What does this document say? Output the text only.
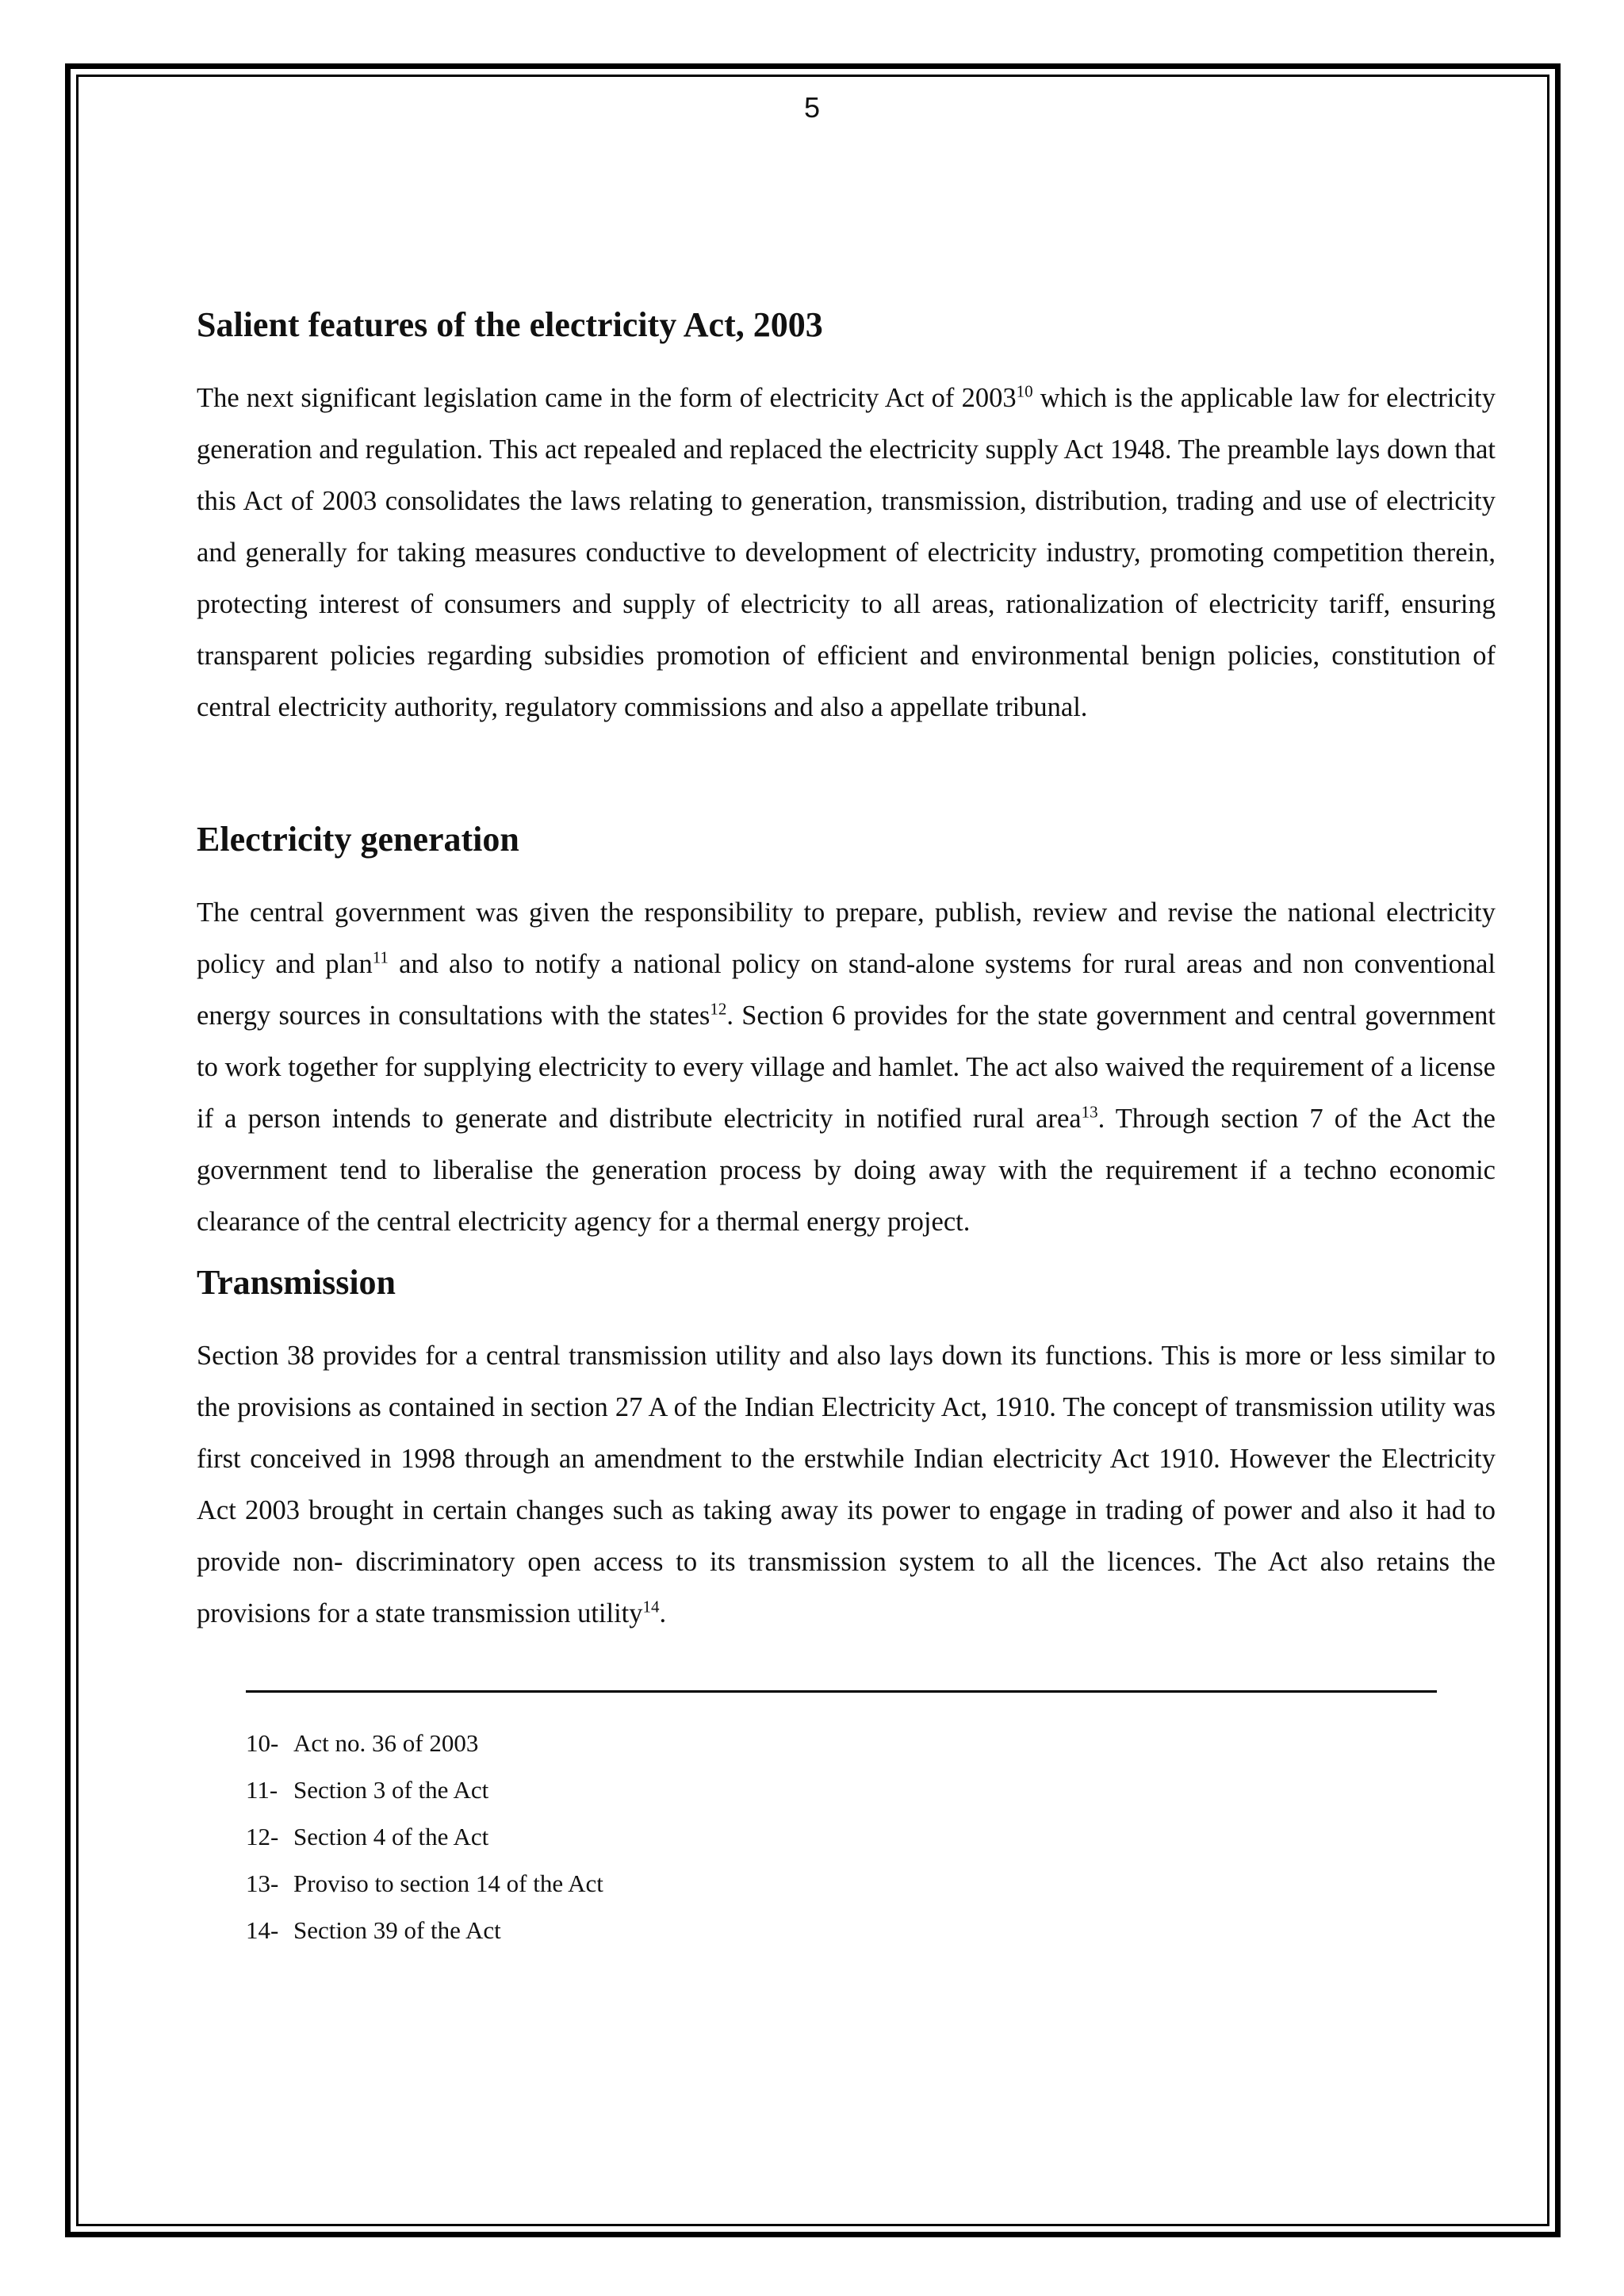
5
Salient features of the electricity Act, 2003

The next significant legislation came in the form of electricity Act of 2003$^{10}$ which is the applicable law for electricity generation and regulation. This act repealed and replaced the electricity supply Act 1948. The preamble lays down that this Act of 2003 consolidates the laws relating to generation, transmission, distribution, trading and use of electricity and generally for taking measures conductive to development of electricity industry, promoting competition therein, protecting interest of consumers and supply of electricity to all areas, rationalization of electricity tariff, ensuring transparent policies regarding subsidies promotion of efficient and environmental benign policies, constitution of central electricity authority, regulatory commissions and also a appellate tribunal.

Electricity generation

The central government was given the responsibility to prepare, publish, review and revise the national electricity policy and plan$^{11}$ and also to notify a national policy on stand-alone systems for rural areas and non conventional energy sources in consultations with the states$^{12}$. Section 6 provides for the state government and central government to work together for supplying electricity to every village and hamlet. The act also waived the requirement of a license if a person intends to generate and distribute electricity in notified rural area$^{13}$. Through section 7 of the Act the government tend to liberalise the generation process by doing away with the requirement if a techno economic clearance of the central electricity agency for a thermal energy project.

Transmission

Section 38 provides for a central transmission utility and also lays down its functions. This is more or less similar to the provisions as contained in section 27 A of the Indian Electricity Act, 1910. The concept of transmission utility was first conceived in 1998 through an amendment to the erstwhile Indian electricity Act 1910. However the Electricity Act 2003 brought in certain changes such as taking away its power to engage in trading of power and also it had to provide non- discriminatory open access to its transmission system to all the licences. The Act also retains the provisions for a state transmission utility$^{14}$.

10- Act no. 36 of 2003
11- Section 3 of the Act
12- Section 4 of the Act
13- Proviso to section 14 of the Act
14- Section 39 of the Act
